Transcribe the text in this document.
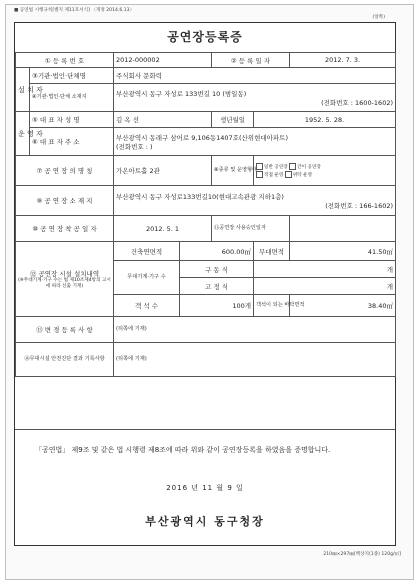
■ 공연법 시행규칙[별지 제11호서식] 〈개정 2014.6.13〉
(앞쪽)
공연장등록증
① 등 록 번 호		2012-000002		② 등 록 일 자		2012. 7. 3.
설 치 자	③기관·법인·단체명	주식회사 문화력				
	④기관·법인·단체 소재지	부산광역시 동구 자성로 133번길 10 (범일동)
(전화번호 : 1600-1602)				

운 영 자	⑤ 대 표 자 성 명	김 옥 선		생년월일	1952. 5. 28.	
	⑥ 대 표 자 주 소	부산광역시 동래구 삼어로 9,106동1407호(산위현대아파트)
(전화번호 : )				

⑦ 공 연 장 의 명 칭		가온아트홀 2관		⑧종류 및 운영형태	일반 공연장 간이 공연장
직접 운영 위탁 운영	
⑨ 공 연 장 소 재 지		부산광역시 동구 자성로133번길10(현대고속관광 지하1층)
(전화번호 : 166-1602)				

⑩ 공 연 장 착 공 일 자		2012. 5. 1		⑪공연장 사용승인일자		

⑫ 공연장 시설 설치내역
(※무대기계·기구 수는 법 제10조제4항의 고시에 따라 신출 기재)		건축연면적	600.00㎡		무대면적	41.50㎡
		무대기계·기구 수	구 동 식		개	
			고 정 식		개	
		객 석 수	100개		객석이 되는 바닥면적	38.40㎡
⑬ 변 경 등 록 사 항		(뒤쪽에 기재)				
⑭무대시설 안전진단 결과 기록사항		(뒤쪽에 기재)				
「공연법」 제9조 및 같은 법 시행령 제8조에 따라 위와 같이 공연장등록을 하였음을 증명합니다.
2016 년 11 월 9 일
부산광역시 동구청장
210㎜×297㎜[백상지(1종) 120g/㎡]
